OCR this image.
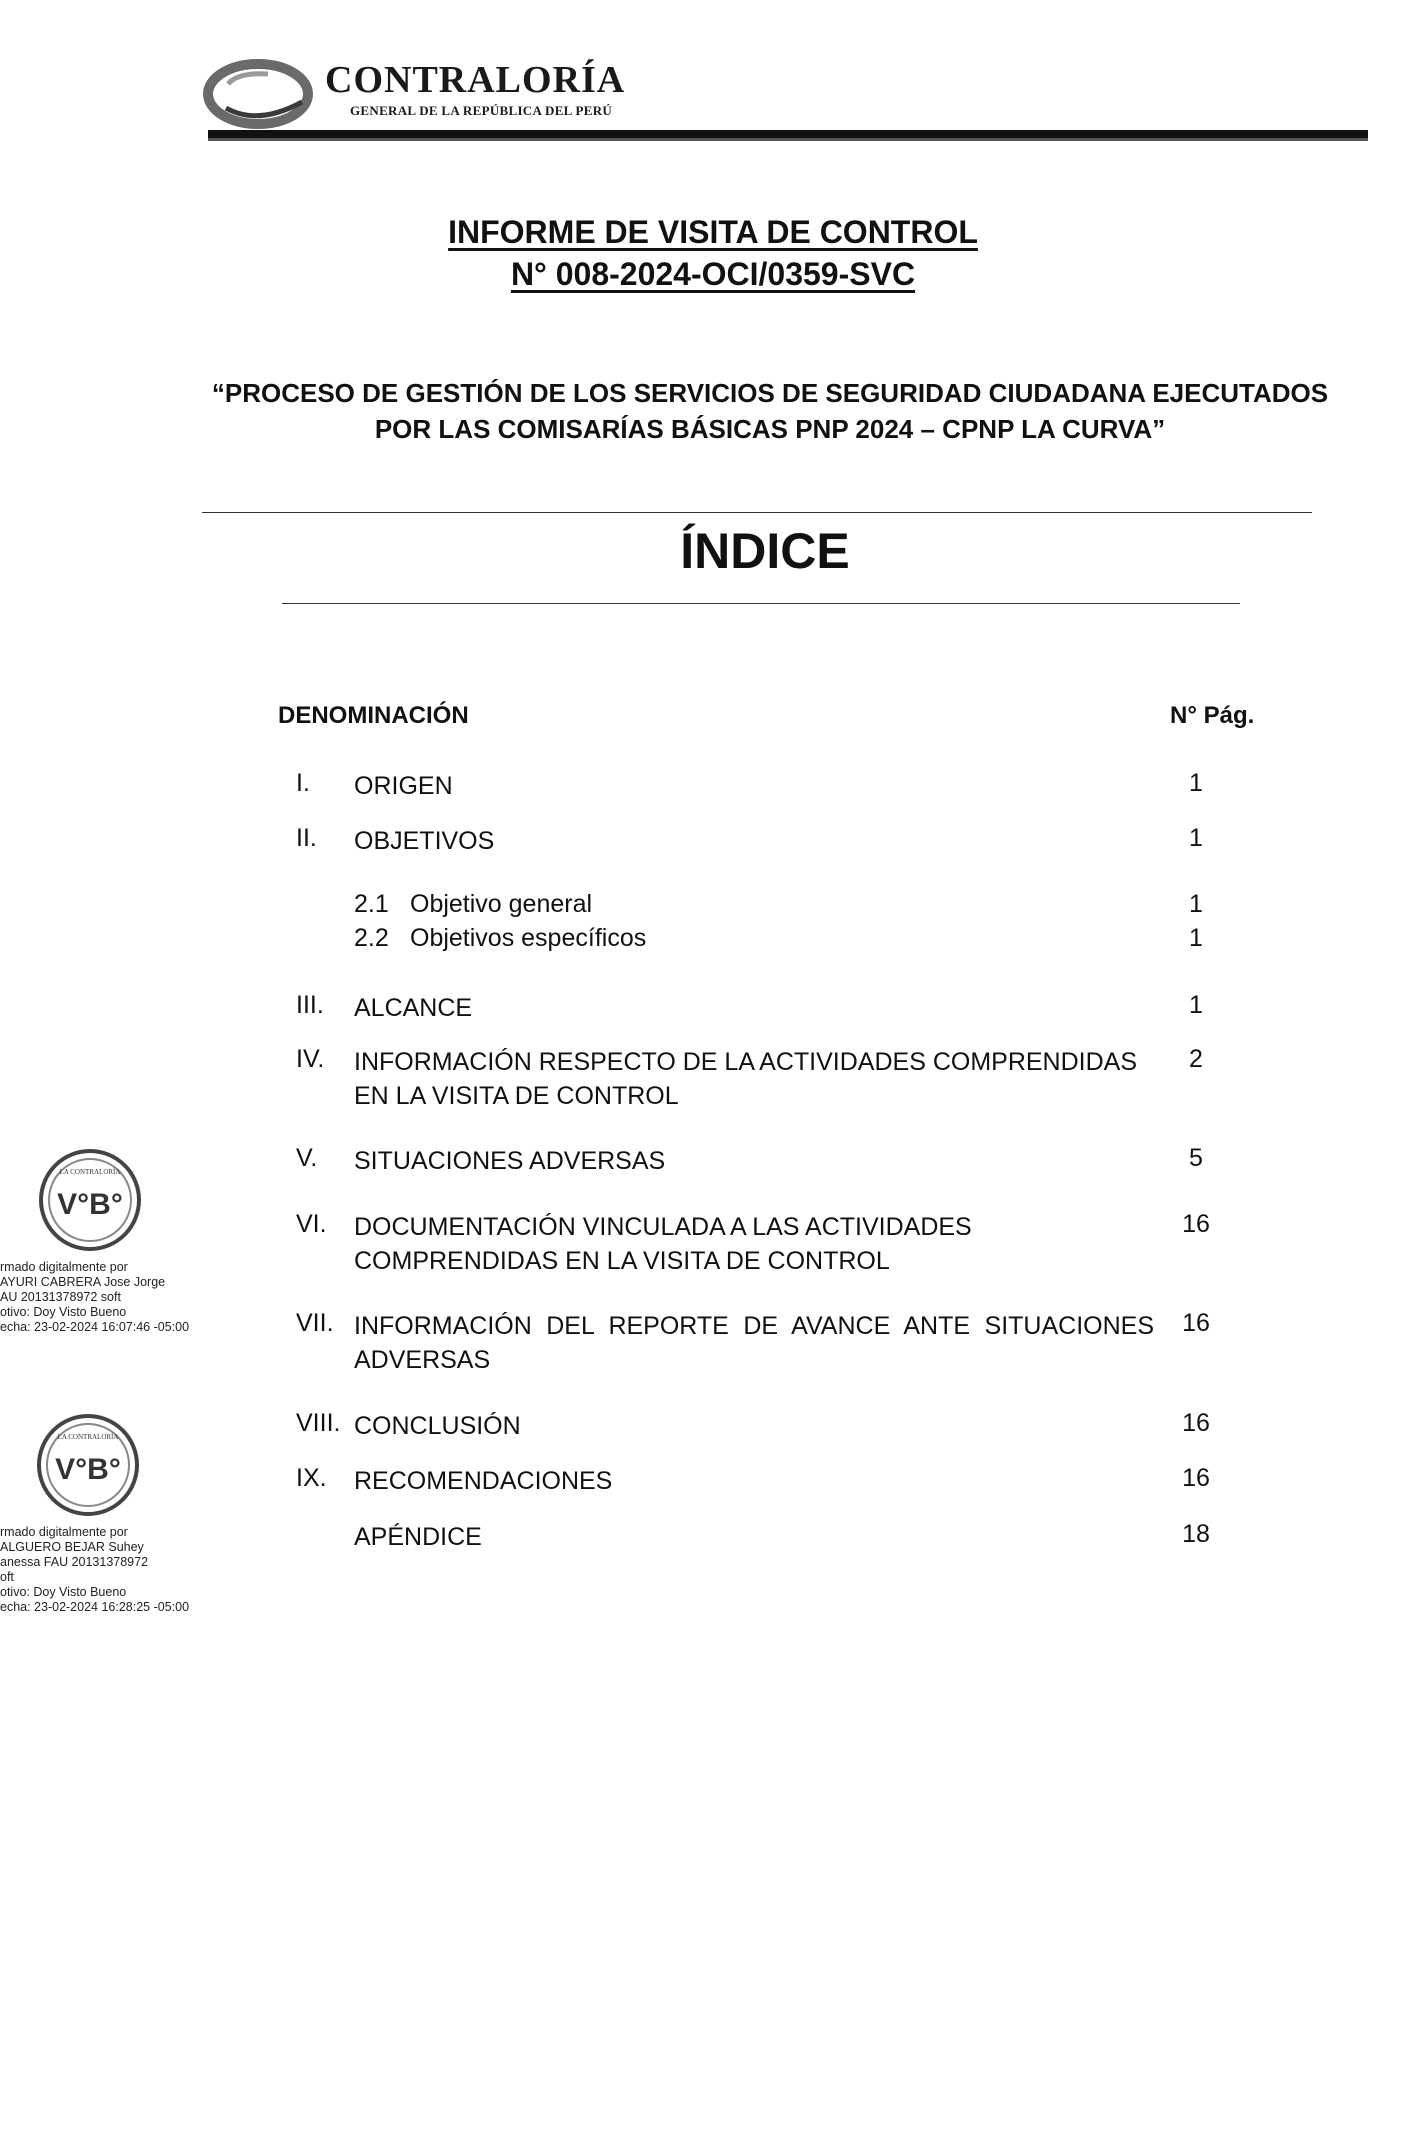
CONTRALORÍA
GENERAL DE LA REPÚBLICA DEL PERÚ
INFORME DE VISITA DE CONTROL
N° 008-2024-OCI/0359-SVC
“PROCESO DE GESTIÓN DE LOS SERVICIOS DE SEGURIDAD CIUDADANA EJECUTADOS
POR LAS COMISARÍAS BÁSICAS PNP 2024 – CPNP LA CURVA”
ÍNDICE
DENOMINACIÓN	N° Pág.
I. ORIGEN	1
II. OBJETIVOS	1
2.1 Objetivo general	1
2.2 Objetivos específicos	1
III. ALCANCE	1
IV. INFORMACIÓN RESPECTO DE LA ACTIVIDADES COMPRENDIDAS EN LA VISITA DE CONTROL
2
V. SITUACIONES ADVERSAS	5
VI. DOCUMENTACIÓN VINCULADA A LAS ACTIVIDADES COMPRENDIDAS EN LA VISITA DE CONTROL
16
VII. INFORMACIÓN DEL REPORTE DE AVANCE ANTE SITUACIONES ADVERSAS
16
VIII. CONCLUSIÓN	16
IX. RECOMENDACIONES	16
APÉNDICE	18
LA CONTRALORÍA
V°B°
rmado digitalmente por
AYURI CABRERA Jose Jorge
AU 20131378972 soft
otivo: Doy Visto Bueno
echa: 23-02-2024 16:07:46 -05:00
LA CONTRALORÍA
V°B°
rmado digitalmente por
ALGUERO BEJAR Suhey
anessa FAU 20131378972
oft
otivo: Doy Visto Bueno
echa: 23-02-2024 16:28:25 -05:00
